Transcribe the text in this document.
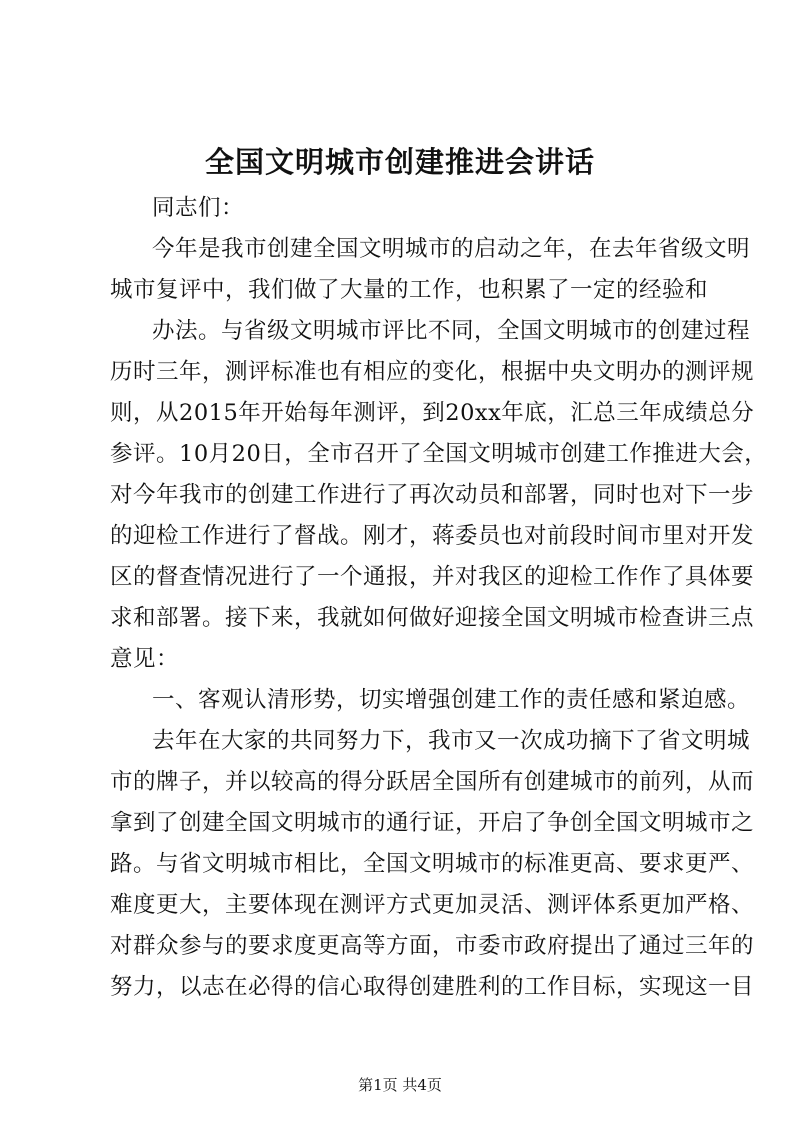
全国文明城市创建推进会讲话
同志们：
今年是我市创建全国文明城市的启动之年，在去年省级文明
城市复评中，我们做了大量的工作，也积累了一定的经验和
办法。与省级文明城市评比不同，全国文明城市的创建过程
历时三年，测评标准也有相应的变化，根据中央文明办的测评规
则，从2015年开始每年测评，到20xx年底，汇总三年成绩总分
参评。10月20日，全市召开了全国文明城市创建工作推进大会，
对今年我市的创建工作进行了再次动员和部署，同时也对下一步
的迎检工作进行了督战。刚才，蒋委员也对前段时间市里对开发
区的督查情况进行了一个通报，并对我区的迎检工作作了具体要
求和部署。接下来，我就如何做好迎接全国文明城市检查讲三点
意见：
一、客观认清形势，切实增强创建工作的责任感和紧迫感。
去年在大家的共同努力下，我市又一次成功摘下了省文明城
市的牌子，并以较高的得分跃居全国所有创建城市的前列，从而
拿到了创建全国文明城市的通行证，开启了争创全国文明城市之
路。与省文明城市相比，全国文明城市的标准更高、要求更严、
难度更大，主要体现在测评方式更加灵活、测评体系更加严格、
对群众参与的要求度更高等方面，市委市政府提出了通过三年的
努力，以志在必得的信心取得创建胜利的工作目标，实现这一目
第1页 共4页
